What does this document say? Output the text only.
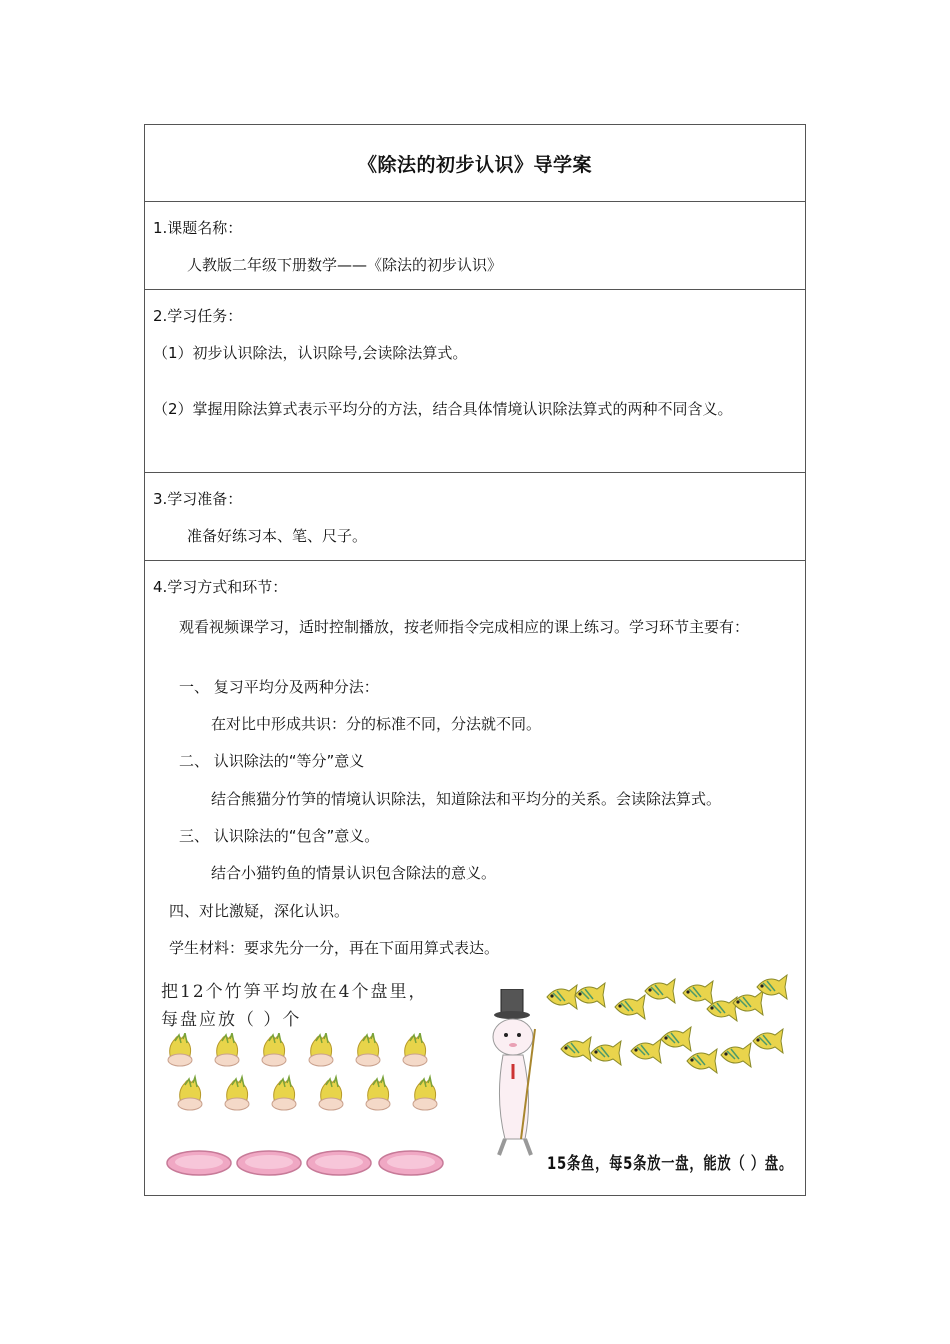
《除法的初步认识》导学案
1.课题名称：
人教版二年级下册数学——《除法的初步认识》
2.学习任务：
（1）初步认识除法，认识除号,会读除法算式。
（2）掌握用除法算式表示平均分的方法，结合具体情境认识除法算式的两种不同含义。
3.学习准备：
准备好练习本、笔、尺子。
4.学习方式和环节：
观看视频课学习，适时控制播放，按老师指令完成相应的课上练习。学习环节主要有：
一、 复习平均分及两种分法：
在对比中形成共识：分的标准不同，分法就不同。
二、 认识除法的“等分”意义
结合熊猫分竹笋的情境认识除法，知道除法和平均分的关系。会读除法算式。
三、 认识除法的“包含”意义。
结合小猫钓鱼的情景认识包含除法的意义。
四、对比激疑，深化认识。
学生材料：要求先分一分，再在下面用算式表达。
把12个竹笋平均放在4个盘里，
每盘应放（ ）个
15条鱼，每5条放一盘，能放（ ）盘。
